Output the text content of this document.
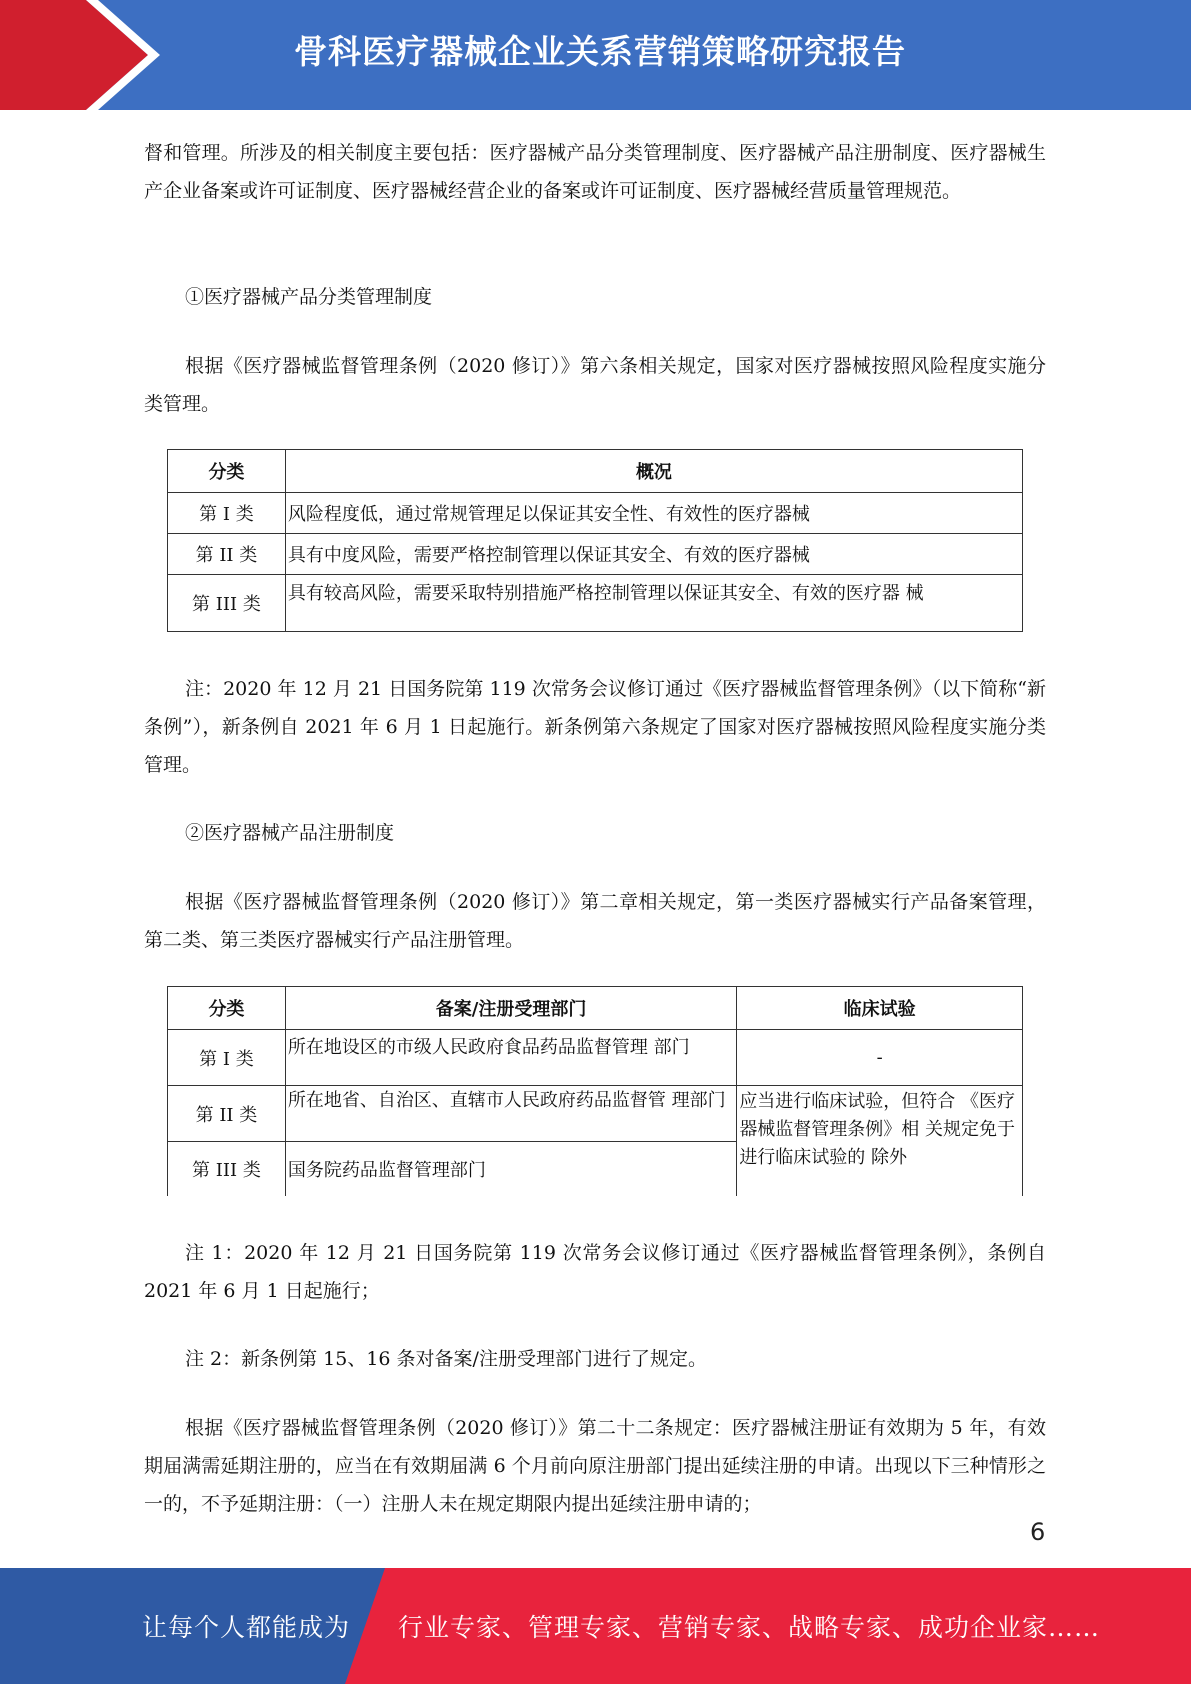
骨科医疗器械企业关系营销策略研究报告

督和管理。所涉及的相关制度主要包括：医疗器械产品分类管理制度、医疗器械产品注册制度、医疗器械生产企业备案或许可证制度、医疗器械经营企业的备案或许可证制度、医疗器械经营质量管理规范。

①医疗器械产品分类管理制度

根据《医疗器械监督管理条例（2020 修订）》第六条相关规定，国家对医疗器械按照风险程度实施分类管理。

分类	概况
第 I 类	风险程度低，通过常规管理足以保证其安全性、有效性的医疗器械
第 II 类	具有中度风险，需要严格控制管理以保证其安全、有效的医疗器械
第 III 类	具有较高风险，需要采取特别措施严格控制管理以保证其安全、有效的医疗器 械

注：2020 年 12 月 21 日国务院第 119 次常务会议修订通过《医疗器械监督管理条例》（以下简称“新条例”），新条例自 2021 年 6 月 1 日起施行。新条例第六条规定了国家对医疗器械按照风险程度实施分类管理。

②医疗器械产品注册制度

根据《医疗器械监督管理条例（2020 修订）》第二章相关规定，第一类医疗器械实行产品备案管理，第二类、第三类医疗器械实行产品注册管理。

分类	备案/注册受理部门	临床试验
第 I 类	所在地设区的市级人民政府食品药品监督管理 部门	-
第 II 类	所在地省、自治区、直辖市人民政府药品监督管 理部门	应当进行临床试验，但符合 《医疗器械监督管理条例》相 关规定免于进行临床试验的 除外
第 III 类	国务院药品监督管理部门	

注 1：2020 年 12 月 21 日国务院第 119 次常务会议修订通过《医疗器械监督管理条例》，条例自 2021 年 6 月 1 日起施行；

注 2：新条例第 15、16 条对备案/注册受理部门进行了规定。

根据《医疗器械监督管理条例（2020 修订）》第二十二条规定：医疗器械注册证有效期为 5 年，有效期届满需延期注册的，应当在有效期届满 6 个月前向原注册部门提出延续注册的申请。出现以下三种情形之一的，不予延期注册：（一）注册人未在规定期限内提出延续注册申请的；

6
让每个人都能成为 行业专家、管理专家、营销专家、战略专家、成功企业家……
